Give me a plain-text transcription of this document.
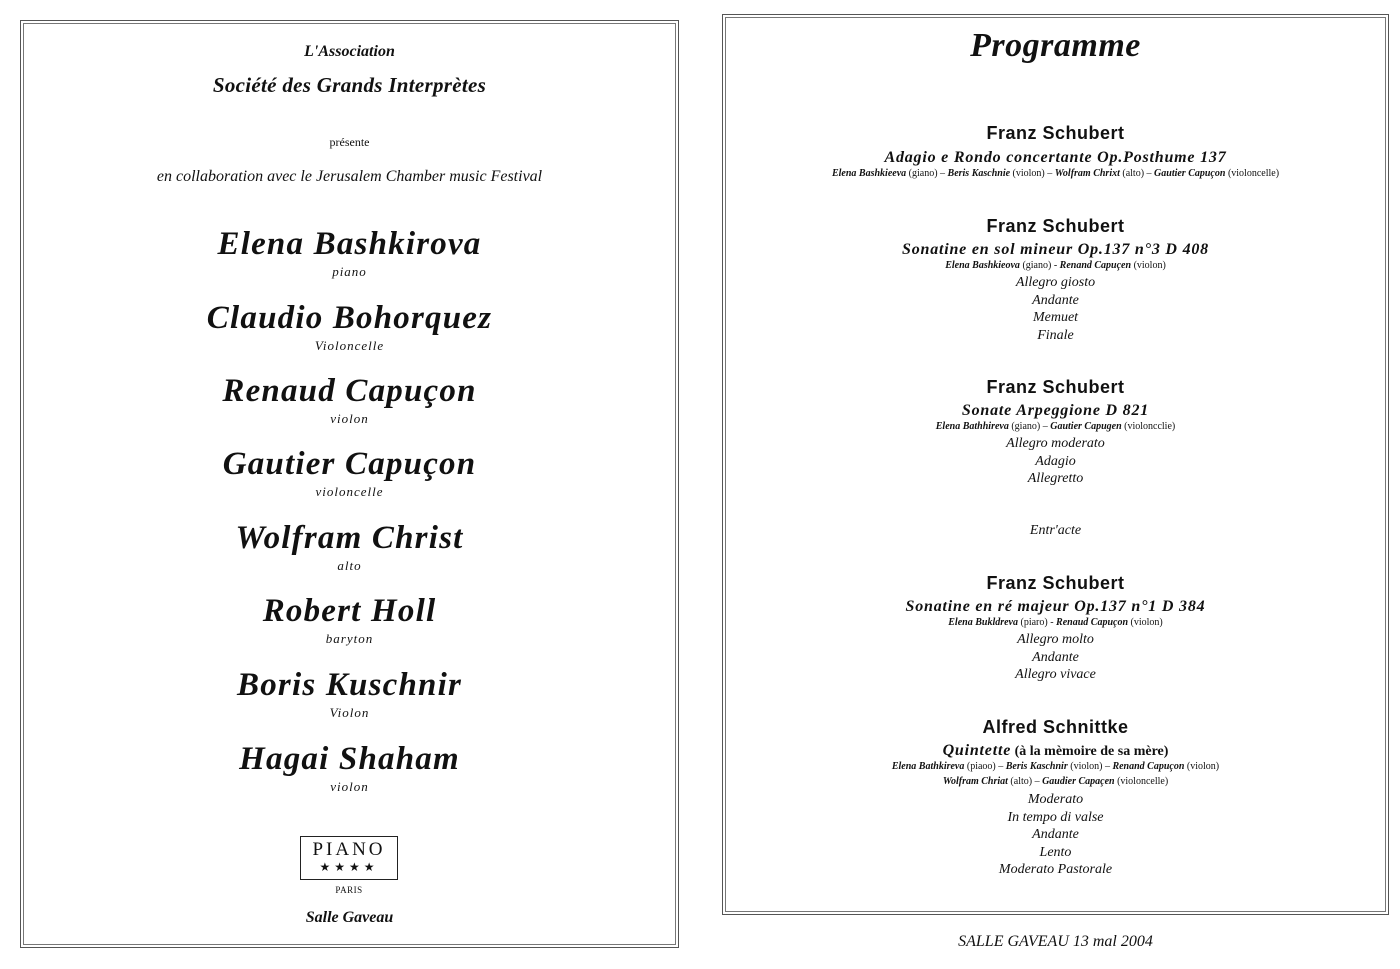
L'Association
Société des Grands Interprètes
présente
en collaboration avec le Jerusalem Chamber music Festival
Elena Bashkirova
piano
Claudio Bohorquez
Violoncelle
Renaud Capuçon
violon
Gautier Capuçon
violoncelle
Wolfram Christ
alto
Robert Holl
baryton
Boris Kuschnir
Violon
Hagai Shaham
violon
PIANO
★★★★
PARIS
Salle Gaveau
Programme
Franz Schubert
Adagio e Rondo concertante Op.Posthume 137
Elena Bashkieeva (giano) – Beris Kaschnie (violon) – Wolfram Chrixt (alto) – Gautier Capuçon (violoncelle)
Franz Schubert
Sonatine en sol mineur Op.137 n°3 D 408
Elena Bashkieova (giano) - Renand Capuçen (violon)
Allegro giosto
Andante
Memuet
Finale
Franz Schubert
Sonate Arpeggione D 821
Elena Bathhireva (giano) – Gautier Capugen (violoncclie)
Allegro moderato
Adagio
Allegretto
Franz Schubert
Sonatine en ré majeur Op.137 n°1 D 384
Elena Bukldreva (piaro) - Renaud Capuçon (violon)
Allegro molto
Andante
Allegro vivace
Alfred Schnittke
Quintette (à la mèmoire de sa mère)
Elena Bathkireva (piaoo) – Beris Kaschnir (violon) – Renand Capuçon (violon)
Wolfram Chriat (alto) – Gaudier Capaçen (violoncelle)
Moderato
In tempo di valse
Andante
Lento
Moderato Pastorale
Entr'acte
SALLE GAVEAU 13 mal 2004
